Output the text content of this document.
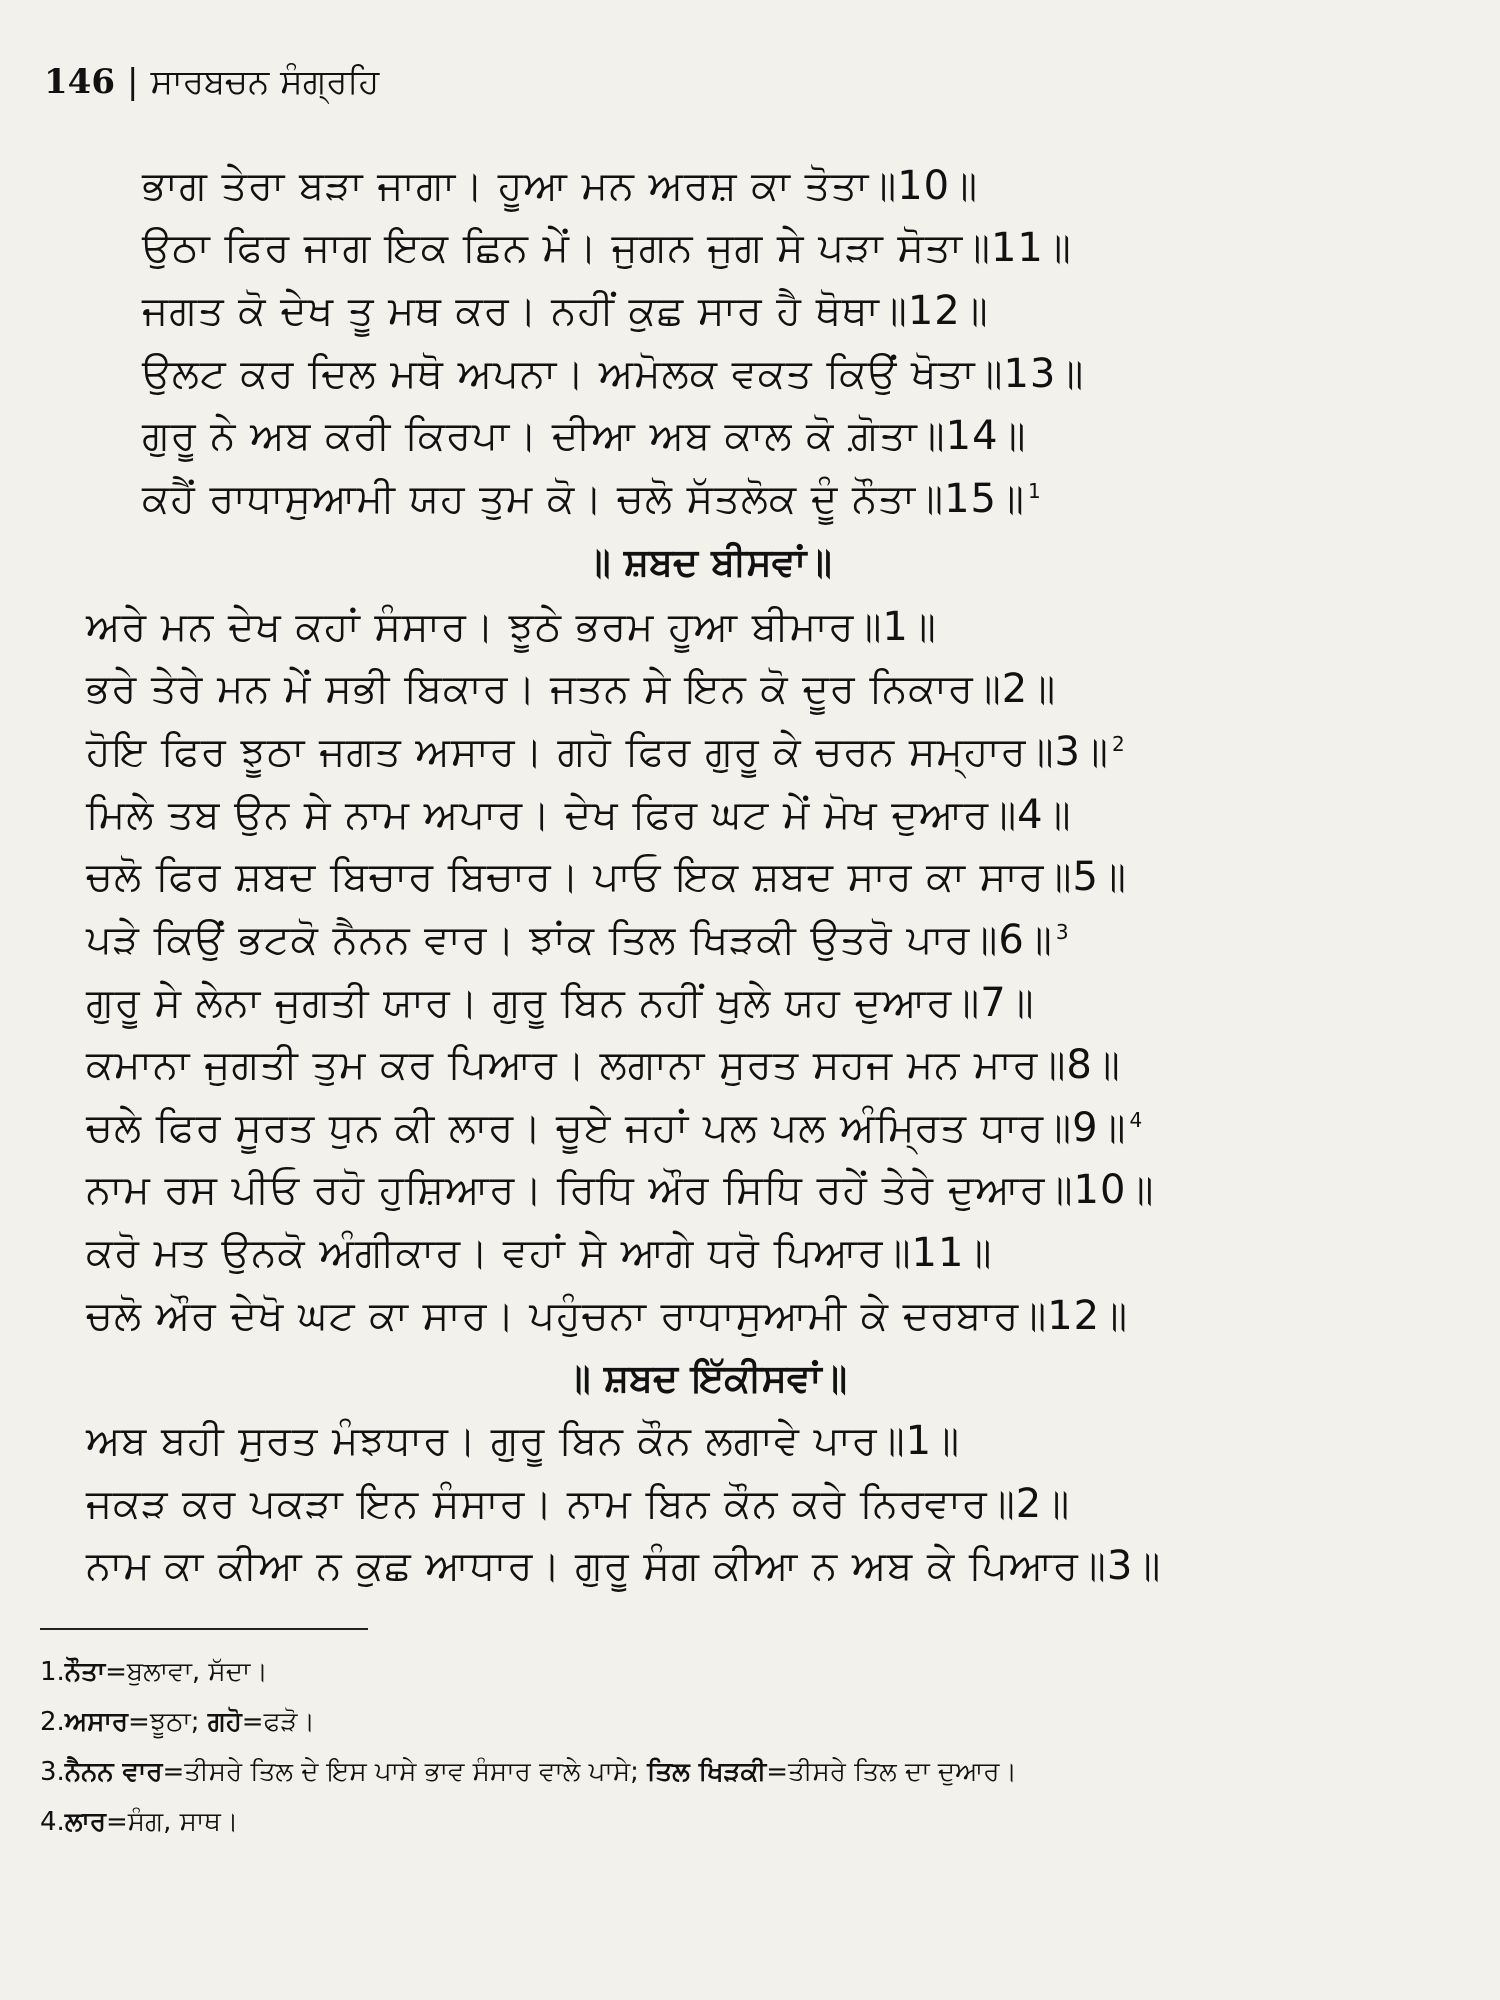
146 | ਸਾਰਬਚਨ ਸੰਗ੍ਰਹਿ
ਭਾਗ ਤੇਰਾ ਬੜਾ ਜਾਗਾ। ਹੂਆ ਮਨ ਅਰਸ਼ ਕਾ ਤੋਤਾ॥10॥
ਉਠਾ ਫਿਰ ਜਾਗ ਇਕ ਛਿਨ ਮੇਂ। ਜੁਗਨ ਜੁਗ ਸੇ ਪੜਾ ਸੋਤਾ॥11॥
ਜਗਤ ਕੋ ਦੇਖ ਤੂ ਮਥ ਕਰ। ਨਹੀਂ ਕੁਛ ਸਾਰ ਹੈ ਥੋਥਾ॥12॥
ਉਲਟ ਕਰ ਦਿਲ ਮਥੋ ਅਪਨਾ। ਅਮੋਲਕ ਵਕਤ ਕਿਉਂ ਖੋਤਾ॥13॥
ਗੁਰੂ ਨੇ ਅਬ ਕਰੀ ਕਿਰਪਾ। ਦੀਆ ਅਬ ਕਾਲ ਕੋ ਗ਼ੋਤਾ॥14॥
ਕਹੈਂ ਰਾਧਾਸੁਆਮੀ ਯਹ ਤੁਮ ਕੋ। ਚਲੋ ਸੱਤਲੋਕ ਦੂੰ ਨੌਤਾ॥15॥ $^1$
॥ ਸ਼ਬਦ ਬੀਸਵਾਂ॥
ਅਰੇ ਮਨ ਦੇਖ ਕਹਾਂ ਸੰਸਾਰ। ਝੂਠੇ ਭਰਮ ਹੂਆ ਬੀਮਾਰ॥1॥
ਭਰੇ ਤੇਰੇ ਮਨ ਮੇਂ ਸਭੀ ਬਿਕਾਰ। ਜਤਨ ਸੇ ਇਨ ਕੋ ਦੂਰ ਨਿਕਾਰ॥2॥
ਹੋਇ ਫਿਰ ਝੂਠਾ ਜਗਤ ਅਸਾਰ। ਗਹੋ ਫਿਰ ਗੁਰੂ ਕੇ ਚਰਨ ਸਮ੍ਹਾਰ॥3॥ $^2$
ਮਿਲੇ ਤਬ ਉਨ ਸੇ ਨਾਮ ਅਪਾਰ। ਦੇਖ ਫਿਰ ਘਟ ਮੇਂ ਮੋਖ ਦੁਆਰ॥4॥
ਚਲੋ ਫਿਰ ਸ਼ਬਦ ਬਿਚਾਰ ਬਿਚਾਰ। ਪਾਓ ਇਕ ਸ਼ਬਦ ਸਾਰ ਕਾ ਸਾਰ॥5॥
ਪੜੇ ਕਿਉਂ ਭਟਕੋ ਨੈਨਨ ਵਾਰ। ਝਾਂਕ ਤਿਲ ਖਿੜਕੀ ਉਤਰੋ ਪਾਰ॥6॥ $^3$
ਗੁਰੂ ਸੇ ਲੇਨਾ ਜੁਗਤੀ ਯਾਰ। ਗੁਰੂ ਬਿਨ ਨਹੀਂ ਖੁਲੇ ਯਹ ਦੁਆਰ॥7॥
ਕਮਾਨਾ ਜੁਗਤੀ ਤੁਮ ਕਰ ਪਿਆਰ। ਲਗਾਨਾ ਸੁਰਤ ਸਹਜ ਮਨ ਮਾਰ॥8॥
ਚਲੇ ਫਿਰ ਸੂਰਤ ਧੁਨ ਕੀ ਲਾਰ। ਚੂਏ ਜਹਾਂ ਪਲ ਪਲ ਅੰਮ੍ਰਿਤ ਧਾਰ॥9॥ $^4$
ਨਾਮ ਰਸ ਪੀਓ ਰਹੋ ਹੁਸ਼ਿਆਰ। ਰਿਧਿ ਔਰ ਸਿਧਿ ਰਹੇਂ ਤੇਰੇ ਦੁਆਰ॥10॥
ਕਰੋ ਮਤ ਉਨਕੋ ਅੰਗੀਕਾਰ। ਵਹਾਂ ਸੇ ਆਗੇ ਧਰੋ ਪਿਆਰ॥11॥
ਚਲੋ ਔਰ ਦੇਖੋ ਘਟ ਕਾ ਸਾਰ। ਪਹੁੰਚਨਾ ਰਾਧਾਸੁਆਮੀ ਕੇ ਦਰਬਾਰ॥12॥
॥ ਸ਼ਬਦ ਇੱਕੀਸਵਾਂ॥
ਅਬ ਬਹੀ ਸੁਰਤ ਮੰਝਧਾਰ। ਗੁਰੂ ਬਿਨ ਕੌਨ ਲਗਾਵੇ ਪਾਰ॥1॥
ਜਕੜ ਕਰ ਪਕੜਾ ਇਨ ਸੰਸਾਰ। ਨਾਮ ਬਿਨ ਕੌਨ ਕਰੇ ਨਿਰਵਾਰ॥2॥
ਨਾਮ ਕਾ ਕੀਆ ਨ ਕੁਛ ਆਧਾਰ। ਗੁਰੂ ਸੰਗ ਕੀਆ ਨ ਅਬ ਕੇ ਪਿਆਰ॥3॥
1.ਨੌਤਾ=ਬੁਲਾਵਾ, ਸੱਦਾ।
2.ਅਸਾਰ=ਝੂਠਾ; ਗਹੋ=ਫੜੋ।
3.ਨੈਨਨ ਵਾਰ=ਤੀਸਰੇ ਤਿਲ ਦੇ ਇਸ ਪਾਸੇ ਭਾਵ ਸੰਸਾਰ ਵਾਲੇ ਪਾਸੇ; ਤਿਲ ਖਿੜਕੀ=ਤੀਸਰੇ ਤਿਲ ਦਾ ਦੁਆਰ।
4.ਲਾਰ=ਸੰਗ, ਸਾਥ।
